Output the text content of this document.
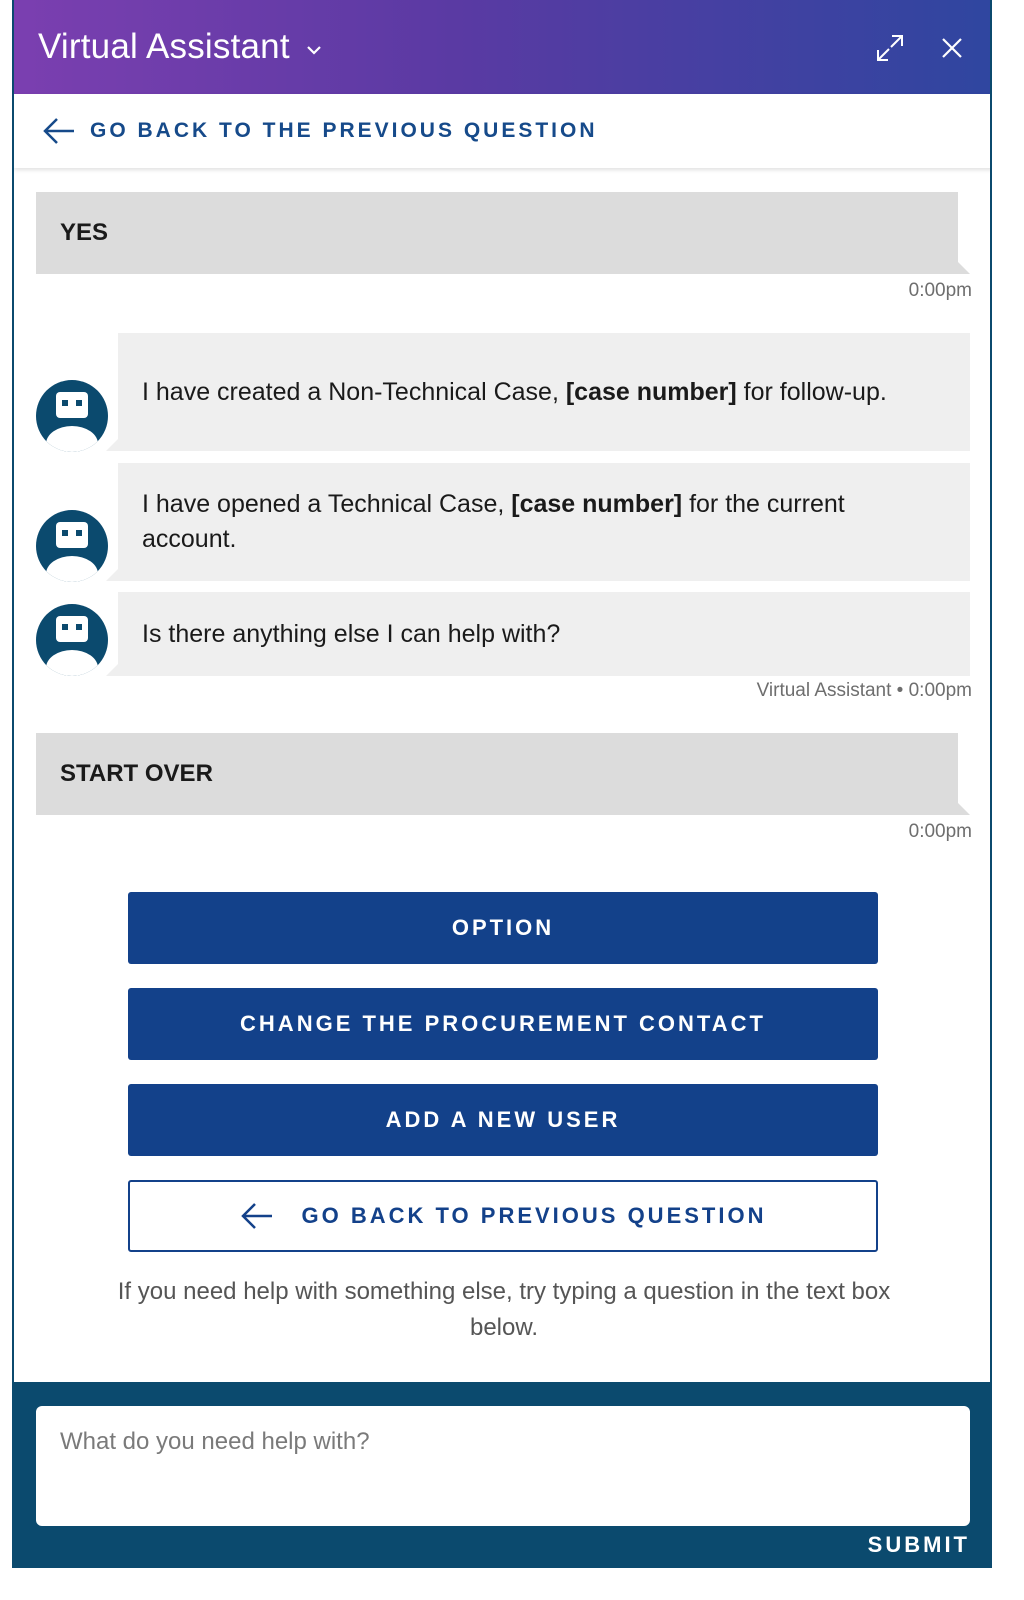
Virtual Assistant
GO BACK TO THE PREVIOUS QUESTION
YES
0:00pm
I have created a Non-Technical Case, [case number] for follow-up.
I have opened a Technical Case, [case number] for the current account.
Is there anything else I can help with?
Virtual Assistant • 0:00pm
START OVER
0:00pm
OPTION
CHANGE THE PROCUREMENT CONTACT
ADD A NEW USER
GO BACK TO PREVIOUS QUESTION
If you need help with something else, try typing a question in the text box below.
What do you need help with?
SUBMIT
